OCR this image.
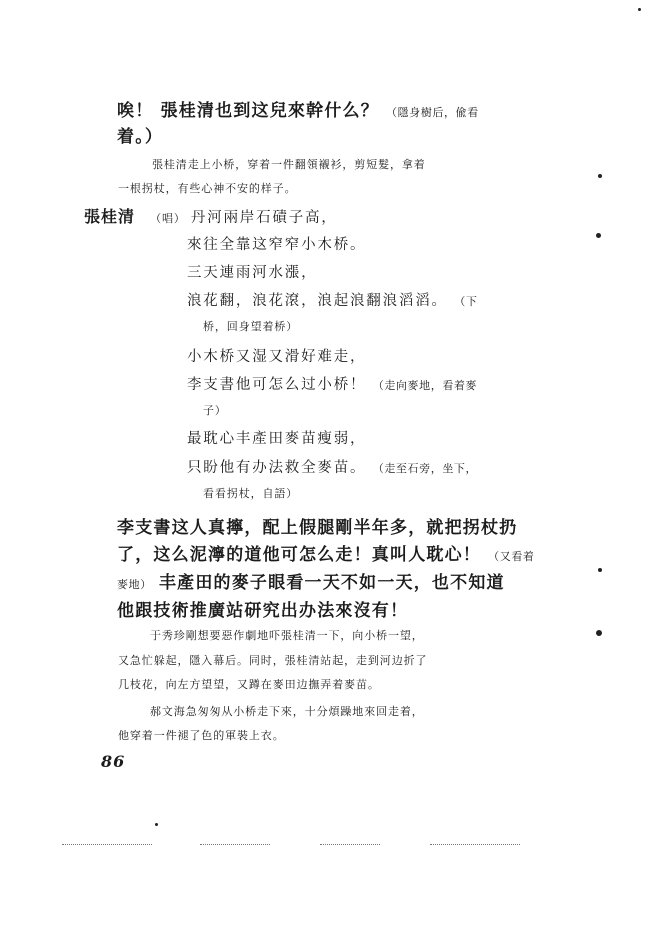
唉！ 張桂清也到这兒來幹什么？ （隱身樹后，偸看
着。）
張桂清走上小桥，穿着一件翻領襯衫，剪短髮，拿着
一根拐杖，有些心神不安的样子。
張桂清 （唱） 丹河兩岸石磧子高，
來往全靠这窄窄小木桥。
三天連雨河水漲，
浪花翻，浪花滾，浪起浪翻浪滔滔。 （下
桥，回身望着桥）
小木桥又湿又滑好难走，
李支書他可怎么过小桥！ （走向麥地，看着麥
子）
最耽心丰產田麥苗瘦弱，
只盼他有办法救全麥苗。 （走至石旁，坐下，
看看拐杖，自語）
李支書这人真擰，配上假腿剛半年多，就把拐杖扔
了，这么泥濘的道他可怎么走！真叫人耽心！ （又看着
麥地） 丰產田的麥子眼看一天不如一天，也不知道
他跟技術推廣站研究出办法來沒有！
于秀珍剛想要惡作劇地吓張桂清一下，向小桥一望，
又急忙躲起，隱入幕后。同时，張桂清站起，走到河边折了
几枝花，向左方望望，又蹲在麥田边撫弄着麥苗。
郝文海急匆匆从小桥走下來，十分煩躁地來回走着，
他穿着一件褪了色的軍裝上衣。
86
